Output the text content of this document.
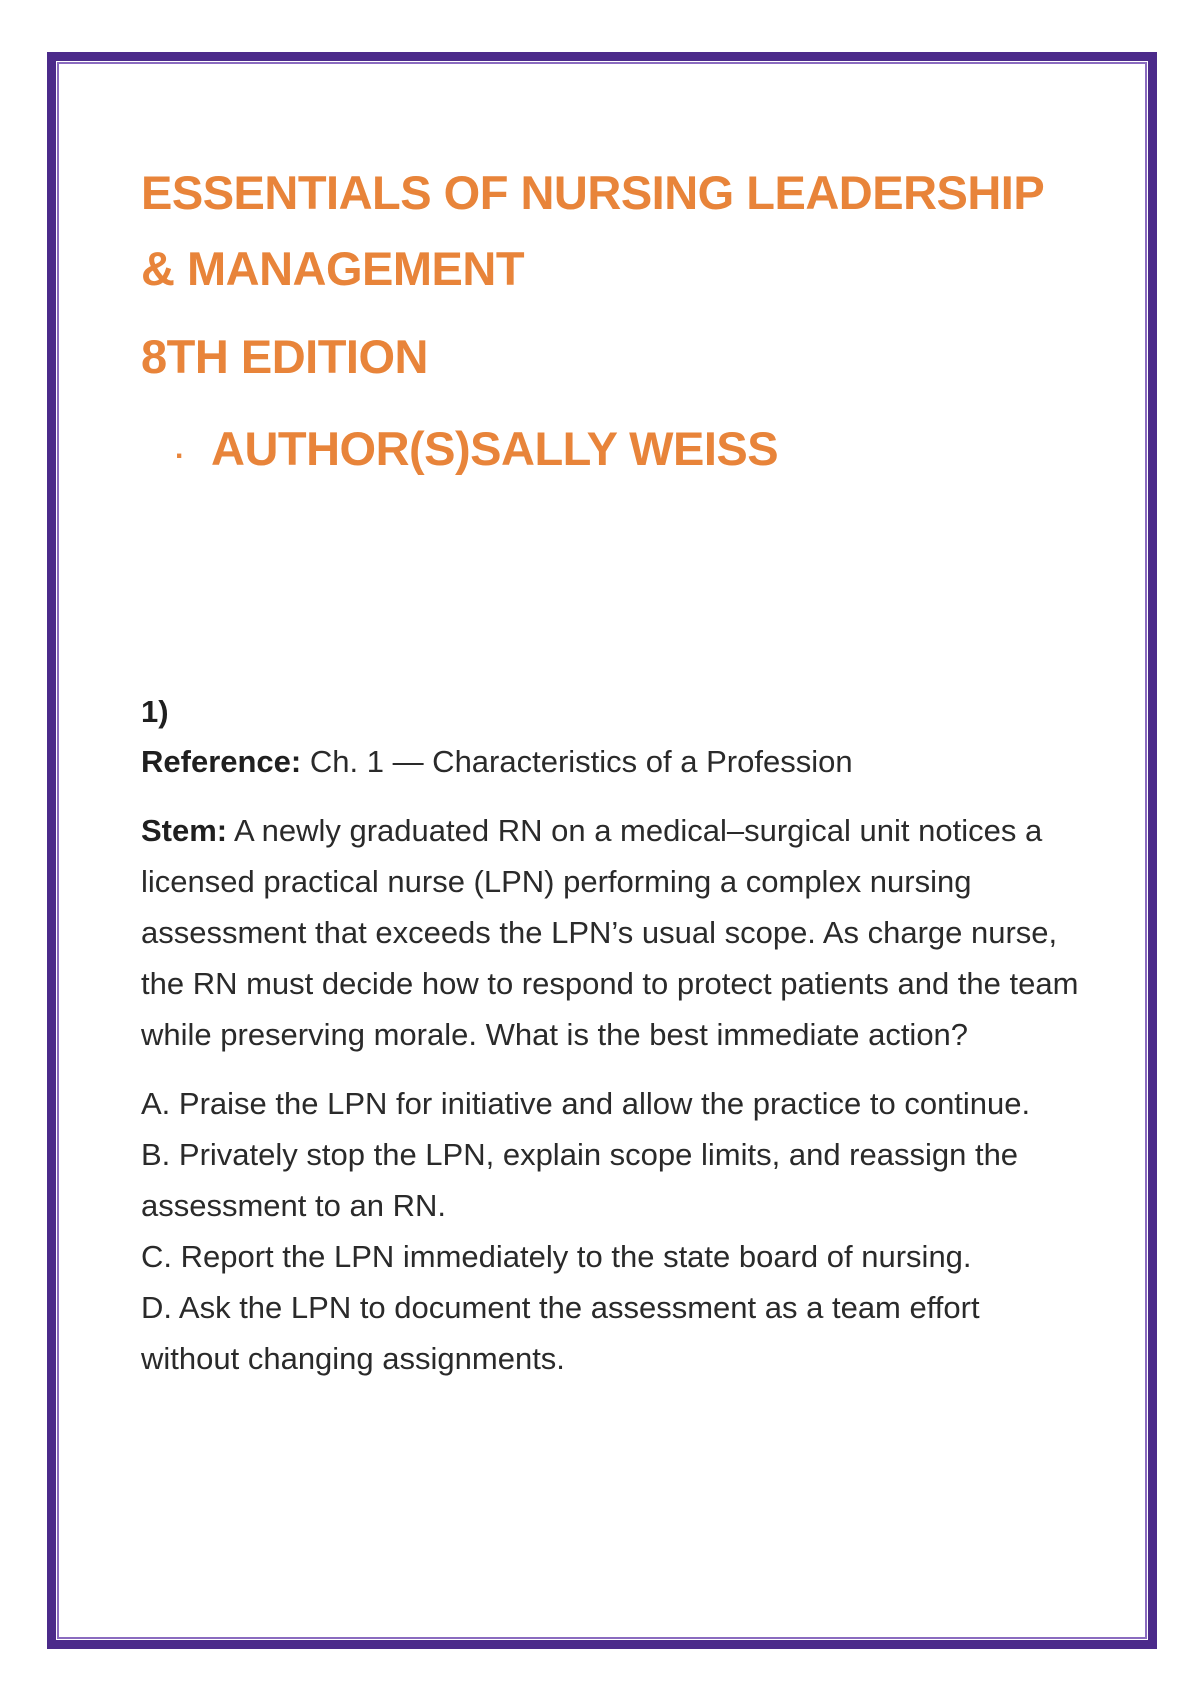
ESSENTIALS OF NURSING LEADERSHIP & MANAGEMENT
8TH EDITION
. AUTHOR(S)SALLY WEISS
1)

Reference: Ch. 1 — Characteristics of a Profession

Stem: A newly graduated RN on a medical–surgical unit notices a licensed practical nurse (LPN) performing a complex nursing assessment that exceeds the LPN’s usual scope. As charge nurse, the RN must decide how to respond to protect patients and the team while preserving morale. What is the best immediate action?

A. Praise the LPN for initiative and allow the practice to continue.
B. Privately stop the LPN, explain scope limits, and reassign the assessment to an RN.
C. Report the LPN immediately to the state board of nursing.
D. Ask the LPN to document the assessment as a team effort without changing assignments.
